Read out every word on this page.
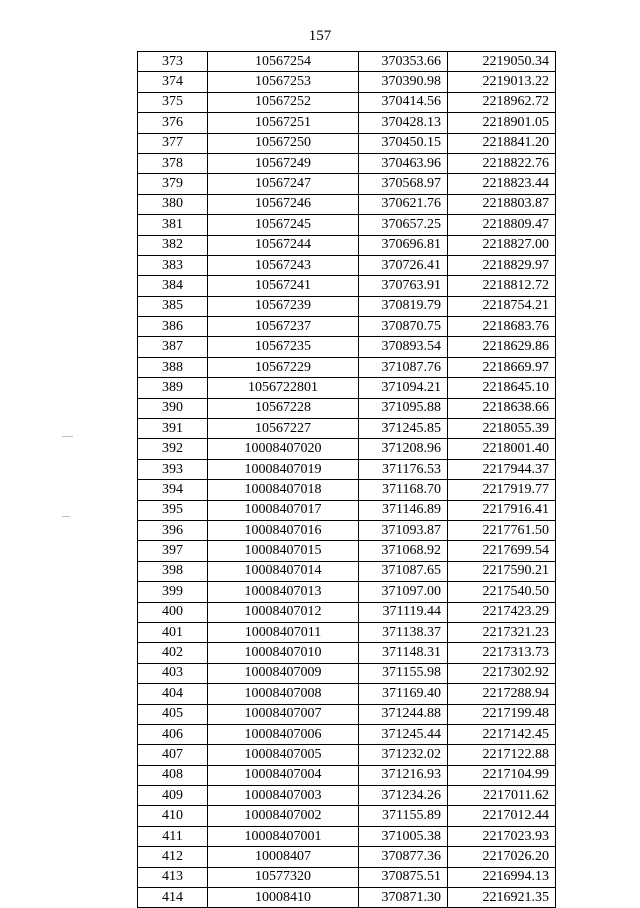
157
373	10567254	370353.66	2219050.34
374	10567253	370390.98	2219013.22
375	10567252	370414.56	2218962.72
376	10567251	370428.13	2218901.05
377	10567250	370450.15	2218841.20
378	10567249	370463.96	2218822.76
379	10567247	370568.97	2218823.44
380	10567246	370621.76	2218803.87
381	10567245	370657.25	2218809.47
382	10567244	370696.81	2218827.00
383	10567243	370726.41	2218829.97
384	10567241	370763.91	2218812.72
385	10567239	370819.79	2218754.21
386	10567237	370870.75	2218683.76
387	10567235	370893.54	2218629.86
388	10567229	371087.76	2218669.97
389	1056722801	371094.21	2218645.10
390	10567228	371095.88	2218638.66
391	10567227	371245.85	2218055.39
392	10008407020	371208.96	2218001.40
393	10008407019	371176.53	2217944.37
394	10008407018	371168.70	2217919.77
395	10008407017	371146.89	2217916.41
396	10008407016	371093.87	2217761.50
397	10008407015	371068.92	2217699.54
398	10008407014	371087.65	2217590.21
399	10008407013	371097.00	2217540.50
400	10008407012	371119.44	2217423.29
401	10008407011	371138.37	2217321.23
402	10008407010	371148.31	2217313.73
403	10008407009	371155.98	2217302.92
404	10008407008	371169.40	2217288.94
405	10008407007	371244.88	2217199.48
406	10008407006	371245.44	2217142.45
407	10008407005	371232.02	2217122.88
408	10008407004	371216.93	2217104.99
409	10008407003	371234.26	2217011.62
410	10008407002	371155.89	2217012.44
411	10008407001	371005.38	2217023.93
412	10008407	370877.36	2217026.20
413	10577320	370875.51	2216994.13
414	10008410	370871.30	2216921.35
